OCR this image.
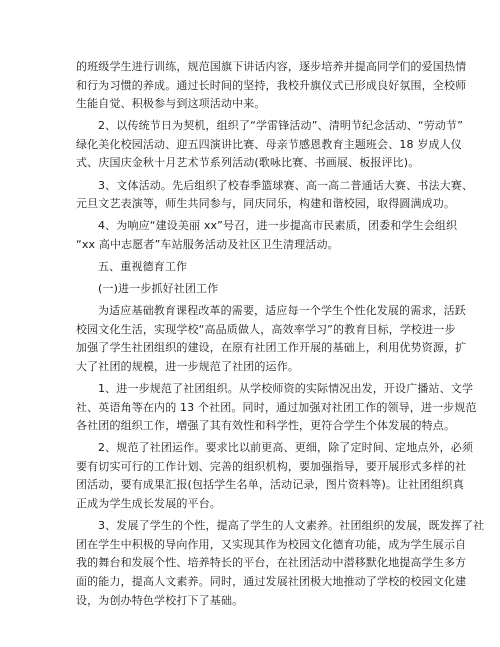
的班级学生进行训练，规范国旗下讲话内容，逐步培养并提高同学们的爱国热情
和行为习惯的养成。通过长时间的坚持，我校升旗仪式已形成良好氛围，全校师
生能自觉、积极参与到这项活动中来。
2、以传统节日为契机，组织了“学雷锋活动”、清明节纪念活动、“劳动节”
绿化美化校园活动、迎五四演讲比赛、母亲节感恩教育主题班会、18 岁成人仪
式、庆国庆金秋十月艺术节系列活动(歌咏比赛、书画展、板报评比)。
3、文体活动。先后组织了校春季篮球赛、高一高二普通话大赛、书法大赛、
元旦文艺表演等，师生共同参与，同庆同乐，构建和谐校园，取得圆满成功。
4、为响应“建设美丽 xx”号召，进一步提高市民素质，团委和学生会组织
“xx 高中志愿者”车站服务活动及社区卫生清理活动。
五、重视德育工作
(一)进一步抓好社团工作
为适应基础教育课程改革的需要，适应每一个学生个性化发展的需求，活跃
校园文化生活，实现学校“高品质做人，高效率学习”的教育目标，学校进一步
加强了学生社团组织的建设，在原有社团工作开展的基础上，利用优势资源，扩
大了社团的规模，进一步规范了社团的运作。
1、进一步规范了社团组织。从学校师资的实际情况出发，开设广播站、文学
社、英语角等在内的 13 个社团。同时，通过加强对社团工作的领导，进一步规范
各社团的组织工作，增强了其有效性和科学性，更符合学生个体发展的特点。
2、规范了社团运作。要求比以前更高、更细，除了定时间、定地点外，必须
要有切实可行的工作计划、完善的组织机构，要加强指导，要开展形式多样的社
团活动，要有成果汇报(包括学生名单，活动记录，图片资料等)。让社团组织真
正成为学生成长发展的平台。
3、发展了学生的个性，提高了学生的人文素养。社团组织的发展，既发挥了社
团在学生中积极的导向作用，又实现其作为校园文化德育功能，成为学生展示自
我的舞台和发展个性、培养特长的平台，在社团活动中潜移默化地提高学生多方
面的能力，提高人文素养。同时，通过发展社团极大地推动了学校的校园文化建
设，为创办特色学校打下了基础。
